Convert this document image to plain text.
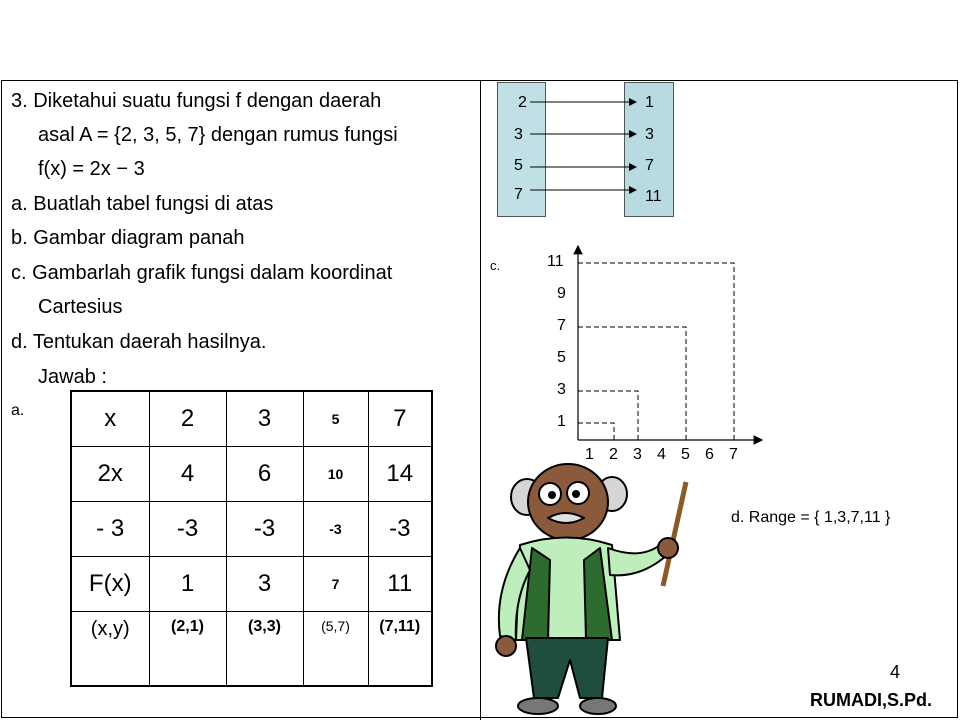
3. Diketahui suatu fungsi f dengan daerah
asal A = {2, 3, 5, 7} dengan rumus fungsi
f(x) = 2x − 3
a. Buatlah tabel fungsi di atas
b. Gambar diagram panah
c. Gambarlah grafik fungsi dalam koordinat
Cartesius
d. Tentukan daerah hasilnya.
Jawab :
a.	x	2	3	5	7
2x	4	6	10	14
- 3	-3	-3	-3	-3
F(x)	1	3	7	11
(x,y)	(2,1)	(3,3)	(5,7)	(7,11)
2
3
5
7
1
3
7
11
c.
1 2 3 4 5 6 7
1
3
5
7
9
11
d. Range = { 1,3,7,11 }
4
RUMADI,S.Pd.
